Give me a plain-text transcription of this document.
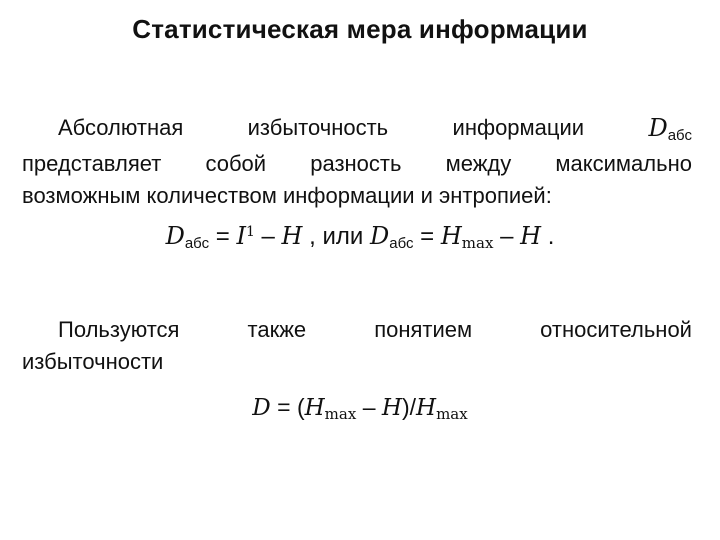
Статистическая мера информации
Абсолютная	избыточность	информации	Dабс
представляет собой разность между максимально
возможным количеством информации и энтропией:
Dабс = $I^1$ – H , или Dабс = Hmax – H .
Пользуются	также	понятием	относительной
избыточности
D = (Hmax – H)/Hmax
